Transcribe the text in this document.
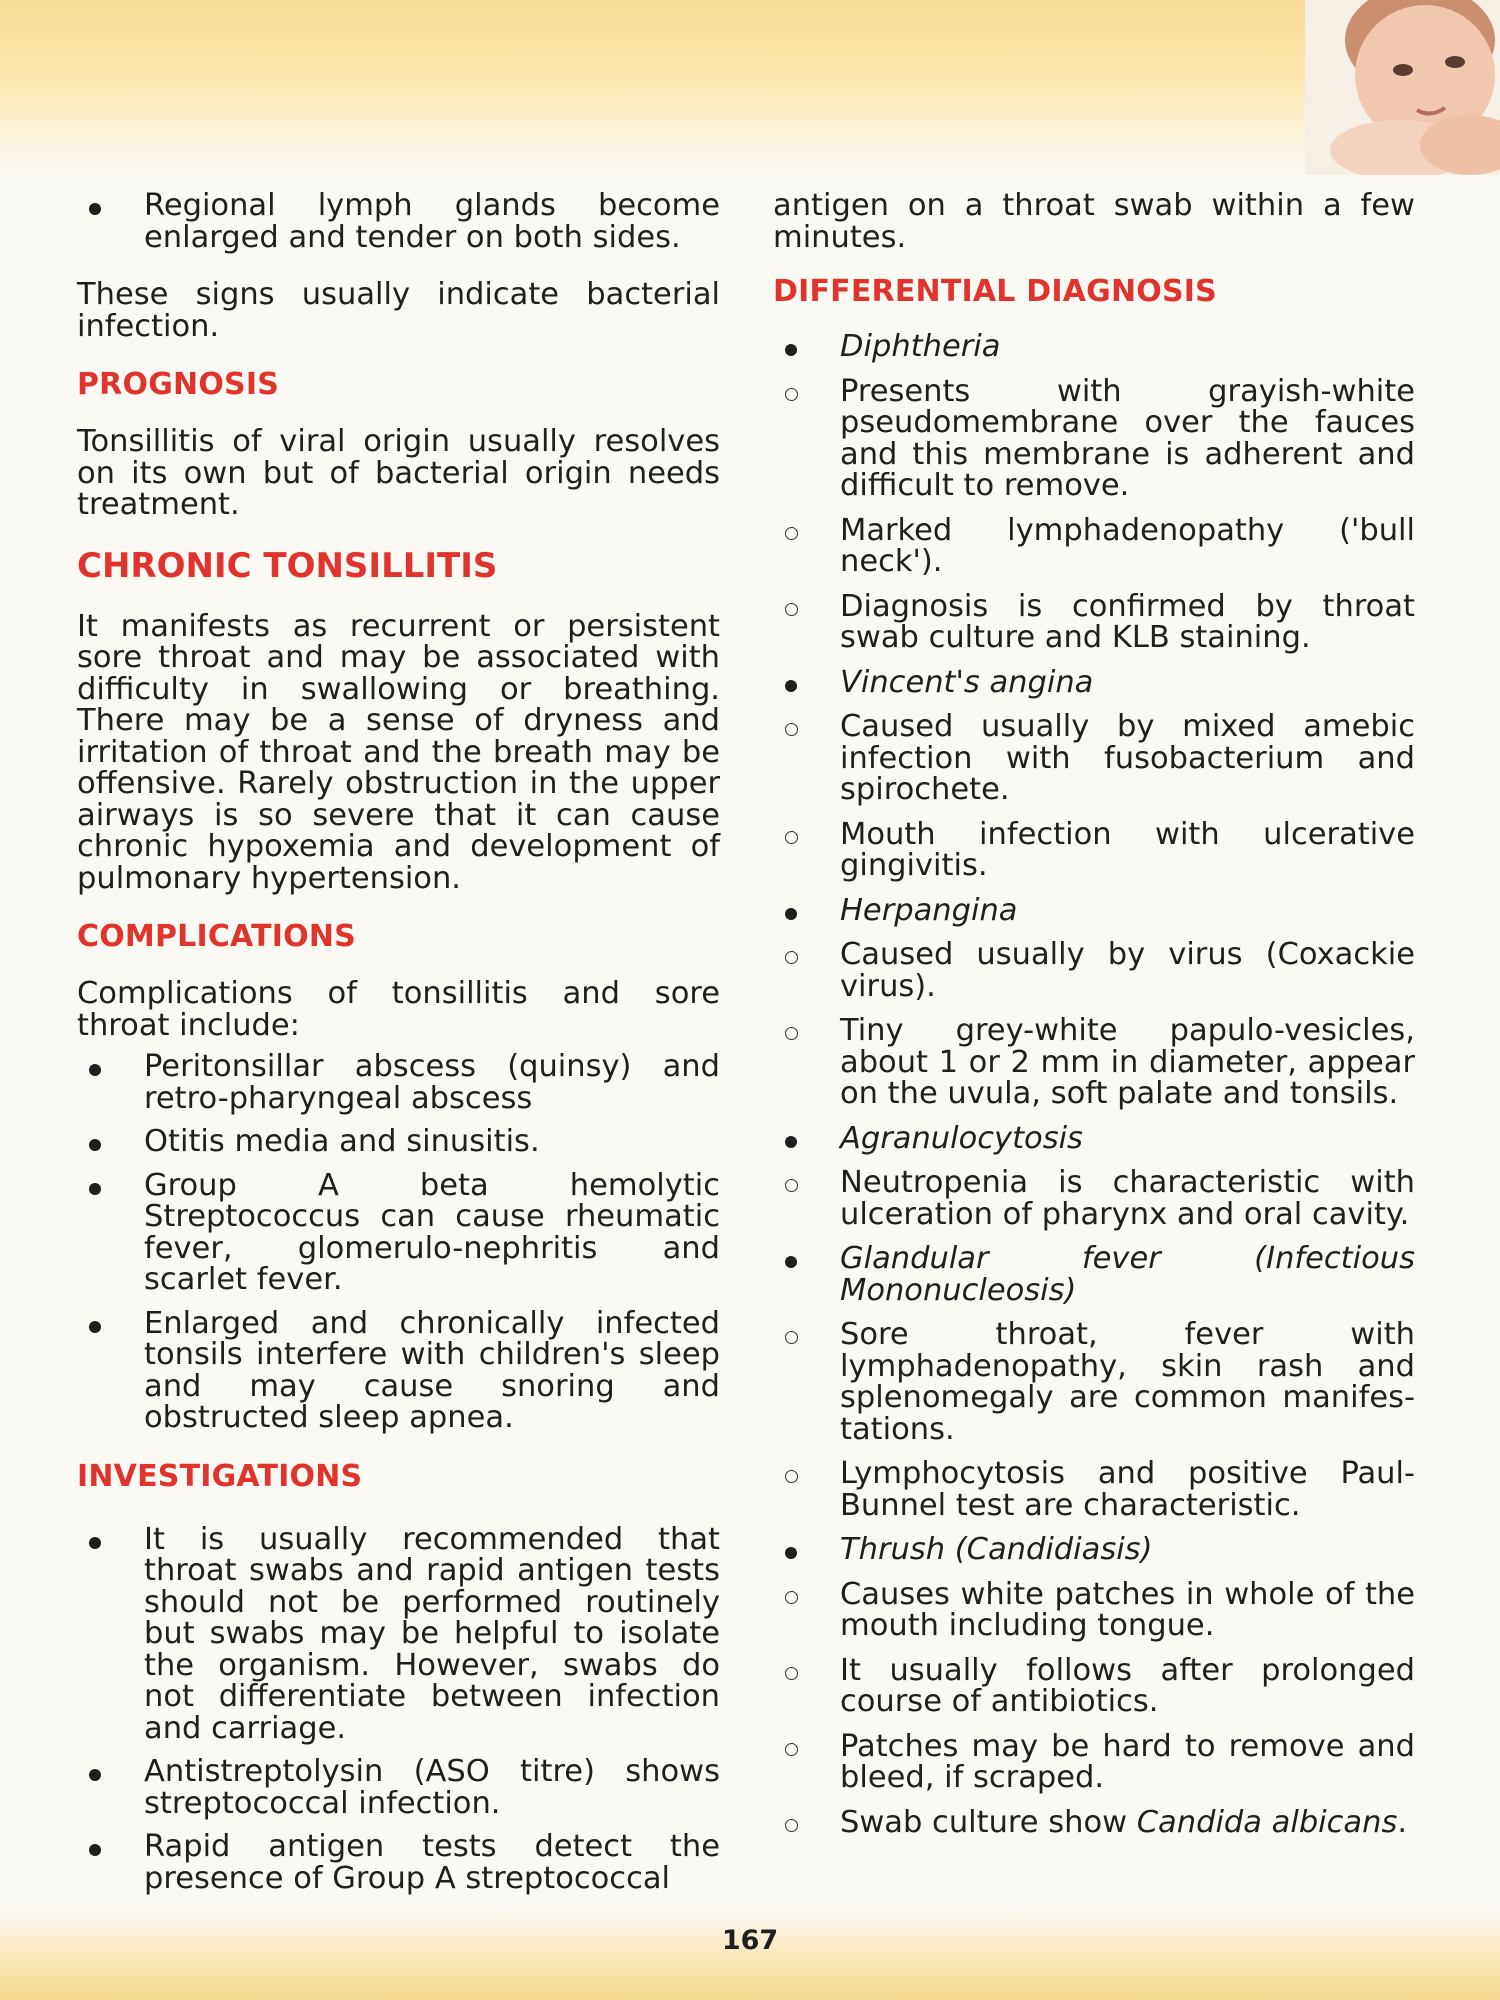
Regional lymph glands become enlarged and tender on both sides.

These signs usually indicate bacterial infection.

PROGNOSIS

Tonsillitis of viral origin usually resolves on its own but of bacterial origin needs treatment.

CHRONIC TONSILLITIS

It manifests as recurrent or persistent sore throat and may be associated with difficulty in swallowing or breathing. There may be a sense of dryness and irritation of throat and the breath may be offensive. Rarely obstruction in the upper airways is so severe that it can cause chronic hypoxemia and development of pulmonary hypertension.

COMPLICATIONS

Complications of tonsillitis and sore throat include:

Peritonsillar abscess (quinsy) and retro-pharyngeal abscess
Otitis media and sinusitis.
Group A beta hemolytic Streptococcus can cause rheumatic fever, glomerulo-nephritis and scarlet fever.
Enlarged and chronically infected tonsils interfere with children's sleep and may cause snoring and obstructed sleep apnea.
INVESTIGATIONS
It is usually recommended that throat swabs and rapid antigen tests should not be performed routinely but swabs may be helpful to isolate the organism. However, swabs do not differentiate between infection and carriage.
Antistreptolysin (ASO titre) shows streptococcal infection.
Rapid antigen tests detect the presence of Group A streptococcal

antigen on a throat swab within a few minutes.

DIFFERENTIAL DIAGNOSIS
Diphtheria
Presents with grayish-white pseudomembrane over the fauces and this membrane is adherent and difficult to remove.
Marked lymphadenopathy ('bull neck').
Diagnosis is confirmed by throat swab culture and KLB staining.
Vincent's angina
Caused usually by mixed amebic infection with fusobacterium and spirochete.
Mouth infection with ulcerative gingivitis.
Herpangina
Caused usually by virus (Coxackie virus).
Tiny grey-white papulo-vesicles, about 1 or 2 mm in diameter, appear on the uvula, soft palate and tonsils.
Agranulocytosis
Neutropenia is characteristic with ulceration of pharynx and oral cavity.
Glandular fever (Infectious Mononucleosis)
Sore throat, fever with lymphadenopathy, skin rash and splenomegaly are common manifes-tations.
Lymphocytosis and positive Paul-Bunnel test are characteristic.
Thrush (Candidiasis)
Causes white patches in whole of the mouth including tongue.
It usually follows after prolonged course of antibiotics.
Patches may be hard to remove and bleed, if scraped.
Swab culture show Candida albicans.
167
